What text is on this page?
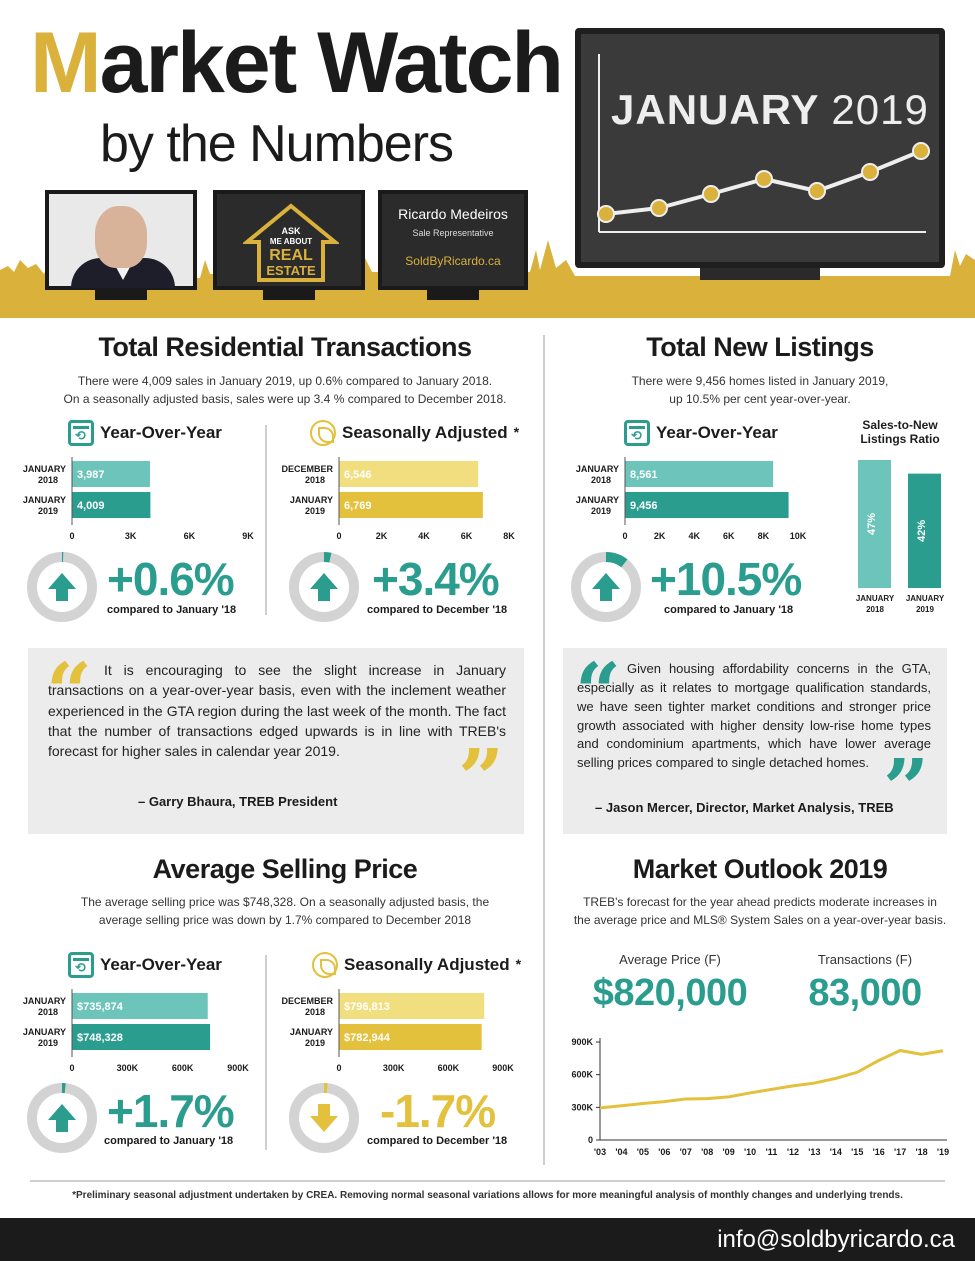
Market Watch
by the Numbers
JANUARY 2019
ASK
ME ABOUT
REAL
ESTATE
Ricardo Medeiros
Sale Representative
SoldByRicardo.ca
Total Residential Transactions
There were 4,009 sales in January 2019, up 0.6% compared to January 2018.
On a seasonally adjusted basis, sales were up 3.4 % compared to December 2018.
⟲
Year-Over-Year	Seasonally Adjusted *
JANUARY
2018 3,987
JANUARY
2019 4,009
0	3K	6K	9K
DECEMBER
2018 6,546
JANUARY
2019 6,769
0	2K	4K	6K	8K
+0.6%
compared to January '18
+3.4%
compared to December '18
“ It is encouraging to see the slight increase in January transactions on a year-over-year basis, even with the inclement weather experienced in the GTA region during the last week of the month. The fact that the number of transactions edged upwards is in line with TREB's forecast for higher sales in calendar year 2019.	”
– Garry Bhaura, TREB President
Total New Listings
There were 9,456 homes listed in January 2019,
up 10.5% per cent year-over-year.
⟲
Year-Over-Year
JANUARY
2018 8,561
JANUARY
2019 9,456
0	2K	4K	6K	8K 10K
Sales-to-New Listings Ratio
47%
JANUARY
2018
42%
JANUARY
2019
+10.5%
compared to January '18
“ Given housing affordability concerns in the GTA, especially as it relates to mortgage qualification standards, we have seen tighter market conditions and stronger price growth associated with higher density low-rise home types and condominium apartments, which have lower average selling prices compared to single detached homes. ”
– Jason Mercer, Director, Market Analysis, TREB
Average Selling Price
The average selling price was $748,328. On a seasonally adjusted basis, the
average selling price was down by 1.7% compared to December 2018
⟲
Year-Over-Year	Seasonally Adjusted *
JANUARY
2018 $735,874
JANUARY
2019 $748,328
0	300K	600K	900K
DECEMBER
2018 $796,813
JANUARY
2019 $782,944
0	300K	600K	900K
+1.7%
compared to January '18
-1.7%
compared to December '18
Market Outlook 2019
TREB's forecast for the year ahead predicts moderate increases in
the average price and MLS® System Sales on a year-over-year basis.
Average Price (F)
$820,000
Transactions (F)
83,000
0
300K
600K
900K
'03 '04 '05 '06 '07 '08 '09 '10 '11 '12 '13 '14 '15 '16 '17 '18 '19
*Preliminary seasonal adjustment undertaken by CREA. Removing normal seasonal variations allows for more meaningful analysis of monthly changes and underlying trends.
info@soldbyricardo.ca
